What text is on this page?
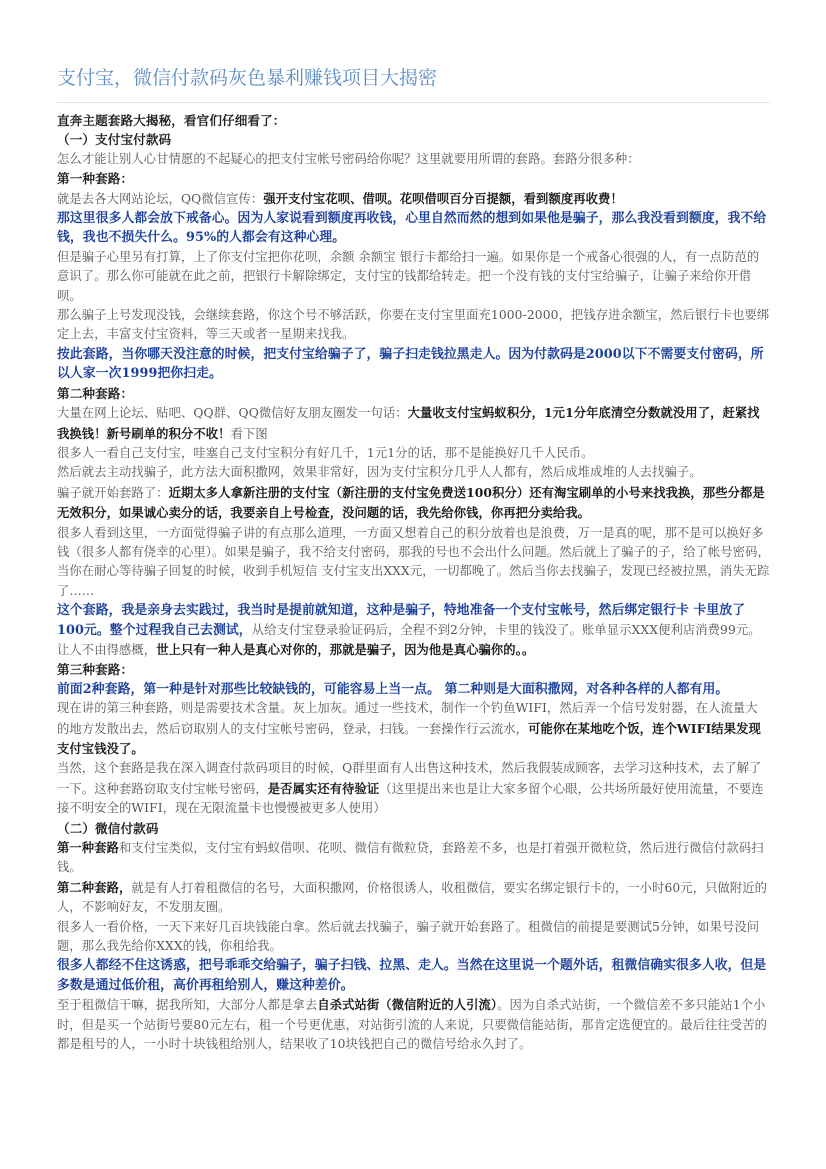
支付宝，微信付款码灰色暴利赚钱项目大揭密

直奔主题套路大揭秘，看官们仔细看了：

（一）支付宝付款码

怎么才能让别人心甘情愿的不起疑心的把支付宝帐号密码给你呢？这里就要用所谓的套路。套路分很多种：

第一种套路：

就是去各大网站论坛，QQ微信宣传：强开支付宝花呗、借呗。花呗借呗百分百提额，看到额度再收费！

那这里很多人都会放下戒备心。因为人家说看到额度再收钱，心里自然而然的想到如果他是骗子，那么我没看到额度，我不给钱，我也不损失什么。95%的人都会有这种心理。

但是骗子心里另有打算，上了你支付宝把你花呗，余额 余额宝 银行卡都给扫一遍。如果你是一个戒备心很强的人，有一点防范的意识了。那么你可能就在此之前，把银行卡解除绑定，支付宝的钱都给转走。把一个没有钱的支付宝给骗子，让骗子来给你开借呗。

那么骗子上号发现没钱，会继续套路，你这个号不够活跃，你要在支付宝里面充1000-2000，把钱存进余额宝，然后银行卡也要绑定上去，丰富支付宝资料，等三天或者一星期来找我。

按此套路，当你哪天没注意的时候，把支付宝给骗子了，骗子扫走钱拉黑走人。因为付款码是2000以下不需要支付密码，所以人家一次1999把你扫走。

第二种套路：

大量在网上论坛、贴吧、QQ群、QQ微信好友朋友圈发一句话：大量收支付宝蚂蚁积分，1元1分年底清空分数就没用了，赶紧找我换钱！新号刷单的积分不收！看下图

很多人一看自己支付宝，哇塞自己支付宝积分有好几千，1元1分的话，那不是能换好几千人民币。

然后就去主动找骗子，此方法大面积撒网，效果非常好，因为支付宝积分几乎人人都有，然后成堆成堆的人去找骗子。

骗子就开始套路了：近期太多人拿新注册的支付宝（新注册的支付宝免费送100积分）还有淘宝刷单的小号来找我换，那些分都是无效积分，如果诚心卖分的话，我要亲自上号检查，没问题的话，我先给你钱，你再把分卖给我。

很多人看到这里，一方面觉得骗子讲的有点那么道理，一方面又想着自己的积分放着也是浪费，万一是真的呢，那不是可以换好多钱（很多人都有侥幸的心里）。如果是骗子，我不给支付密码，那我的号也不会出什么问题。然后就上了骗子的子，给了帐号密码，当你在耐心等待骗子回复的时候，收到手机短信 支付宝支出XXX元，一切都晚了。然后当你去找骗子，发现已经被拉黑，消失无踪了……

这个套路，我是亲身去实践过，我当时是提前就知道，这种是骗子，特地准备一个支付宝帐号，然后绑定银行卡 卡里放了100元。整个过程我自己去测试，从给支付宝登录验证码后，全程不到2分钟，卡里的钱没了。账单显示XXX便利店消费99元。让人不由得感概，世上只有一种人是真心对你的，那就是骗子，因为他是真心骗你的。。

第三种套路：

前面2种套路，第一种是针对那些比较缺钱的，可能容易上当一点。 第二种则是大面积撒网，对各种各样的人都有用。

现在讲的第三种套路，则是需要技术含量。灰上加灰。通过一些技术，制作一个钓鱼WIFI，然后弄一个信号发射器，在人流量大的地方发散出去，然后窃取别人的支付宝帐号密码，登录，扫钱。一套操作行云流水，可能你在某地吃个饭，连个WIFI结果发现支付宝钱没了。

当然，这个套路是我在深入调查付款码项目的时候，Q群里面有人出售这种技术，然后我假装成顾客，去学习这种技术，去了解了一下。这种套路窃取支付宝帐号密码，是否属实还有待验证（这里提出来也是让大家多留个心眼，公共场所最好使用流量，不要连接不明安全的WIFI，现在无限流量卡也慢慢被更多人使用）

（二）微信付款码

第一种套路和支付宝类似，支付宝有蚂蚁借呗、花呗、微信有微粒贷，套路差不多，也是打着强开微粒贷，然后进行微信付款码扫钱。

第二种套路，就是有人打着租微信的名号，大面积撒网，价格很诱人，收租微信，要实名绑定银行卡的，一小时60元，只做附近的人，不影响好友，不发朋友圈。

很多人一看价格，一天下来好几百块钱能白拿。然后就去找骗子，骗子就开始套路了。租微信的前提是要测试5分钟，如果号没问题，那么我先给你XXX的钱，你租给我。

很多人都经不住这诱惑，把号乖乖交给骗子，骗子扫钱、拉黑、走人。当然在这里说一个题外话，租微信确实很多人收，但是多数是通过低价租，高价再租给别人，赚这种差价。

至于租微信干嘛，据我所知，大部分人都是拿去自杀式站街（微信附近的人引流）。因为自杀式站街，一个微信差不多只能站1个小时，但是买一个站街号要80元左右，租一个号更优惠，对站街引流的人来说，只要微信能站街，那肯定选便宜的。最后往往受苦的都是租号的人，一小时十块钱租给别人，结果收了10块钱把自己的微信号给永久封了。
